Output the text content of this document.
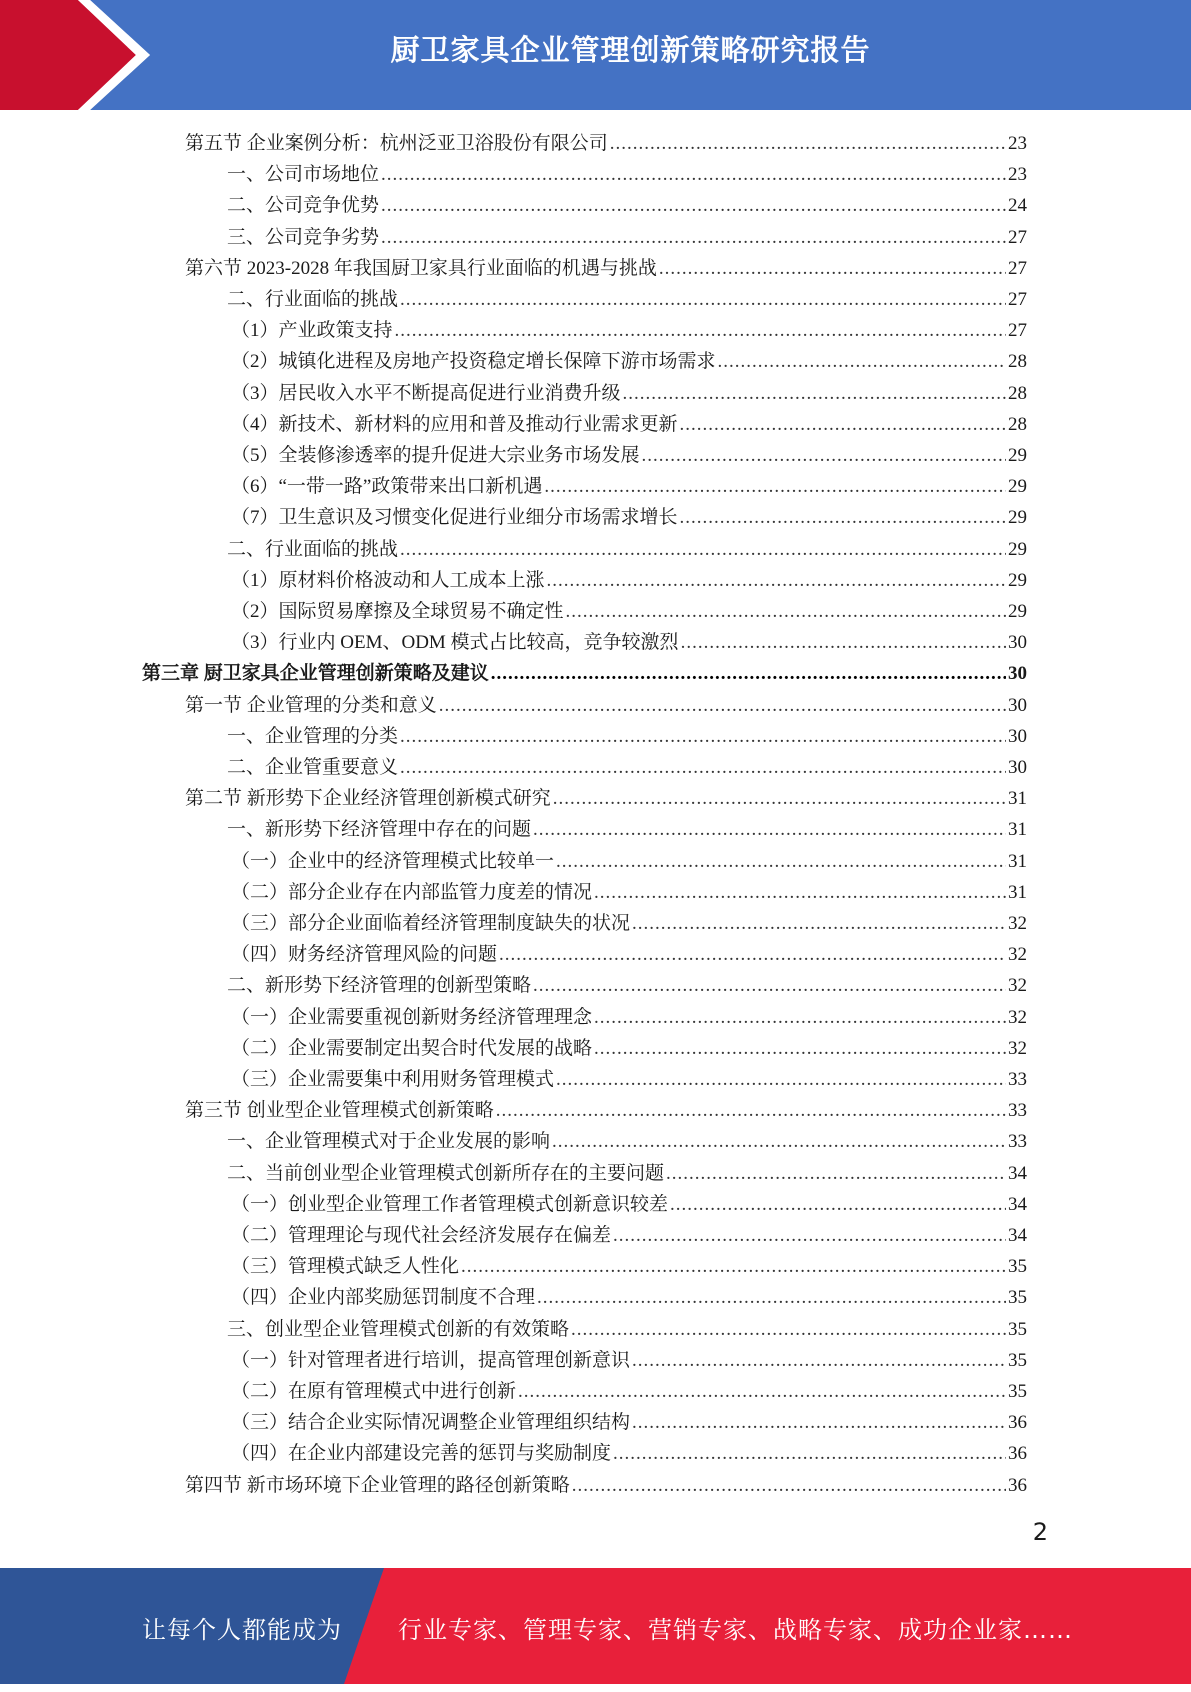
厨卫家具企业管理创新策略研究报告
第五节 企业案例分析：杭州泛亚卫浴股份有限公司 .....	23
一、公司市场地位 .....	23
二、公司竞争优势 .....	24
三、公司竞争劣势 .....	27
第六节 2023-2028 年我国厨卫家具行业面临的机遇与挑战 .....	27
二、行业面临的挑战 .....	27
（1）产业政策支持 .....	27
（2）城镇化进程及房地产投资稳定增长保障下游市场需求 .....	28
（3）居民收入水平不断提高促进行业消费升级 .....	28
（4）新技术、新材料的应用和普及推动行业需求更新 .....	28
（5）全装修渗透率的提升促进大宗业务市场发展 .....	29
（6）“一带一路”政策带来出口新机遇 .....	29
（7）卫生意识及习惯变化促进行业细分市场需求增长 .....	29
二、行业面临的挑战 .....	29
（1）原材料价格波动和人工成本上涨 .....	29
（2）国际贸易摩擦及全球贸易不确定性 .....	29
（3）行业内 OEM、ODM 模式占比较高，竞争较激烈 .....	30
第三章 厨卫家具企业管理创新策略及建议 .....	30
第一节 企业管理的分类和意义 .....	30
一、企业管理的分类 .....	30
二、企业管重要意义 .....	30
第二节 新形势下企业经济管理创新模式研究 .....	31
一、新形势下经济管理中存在的问题 .....	31
（一）企业中的经济管理模式比较单一 .....	31
（二）部分企业存在内部监管力度差的情况 .....	31
（三）部分企业面临着经济管理制度缺失的状况 .....	32
（四）财务经济管理风险的问题 .....	32
二、新形势下经济管理的创新型策略 .....	32
（一）企业需要重视创新财务经济管理理念 .....	32
（二）企业需要制定出契合时代发展的战略 .....	32
（三）企业需要集中利用财务管理模式 .....	33
第三节 创业型企业管理模式创新策略 .....	33
一、企业管理模式对于企业发展的影响 .....	33
二、当前创业型企业管理模式创新所存在的主要问题 .....	34
（一）创业型企业管理工作者管理模式创新意识较差 .....	34
（二）管理理论与现代社会经济发展存在偏差 .....	34
（三）管理模式缺乏人性化 .....	35
（四）企业内部奖励惩罚制度不合理 .....	35
三、创业型企业管理模式创新的有效策略 .....	35
（一）针对管理者进行培训，提高管理创新意识 .....	35
（二）在原有管理模式中进行创新 .....	35
（三）结合企业实际情况调整企业管理组织结构 .....	36
（四）在企业内部建设完善的惩罚与奖励制度 .....	36
第四节 新市场环境下企业管理的路径创新策略 .....	36
2
让每个人都能成为 行业专家、管理专家、营销专家、战略专家、成功企业家……
